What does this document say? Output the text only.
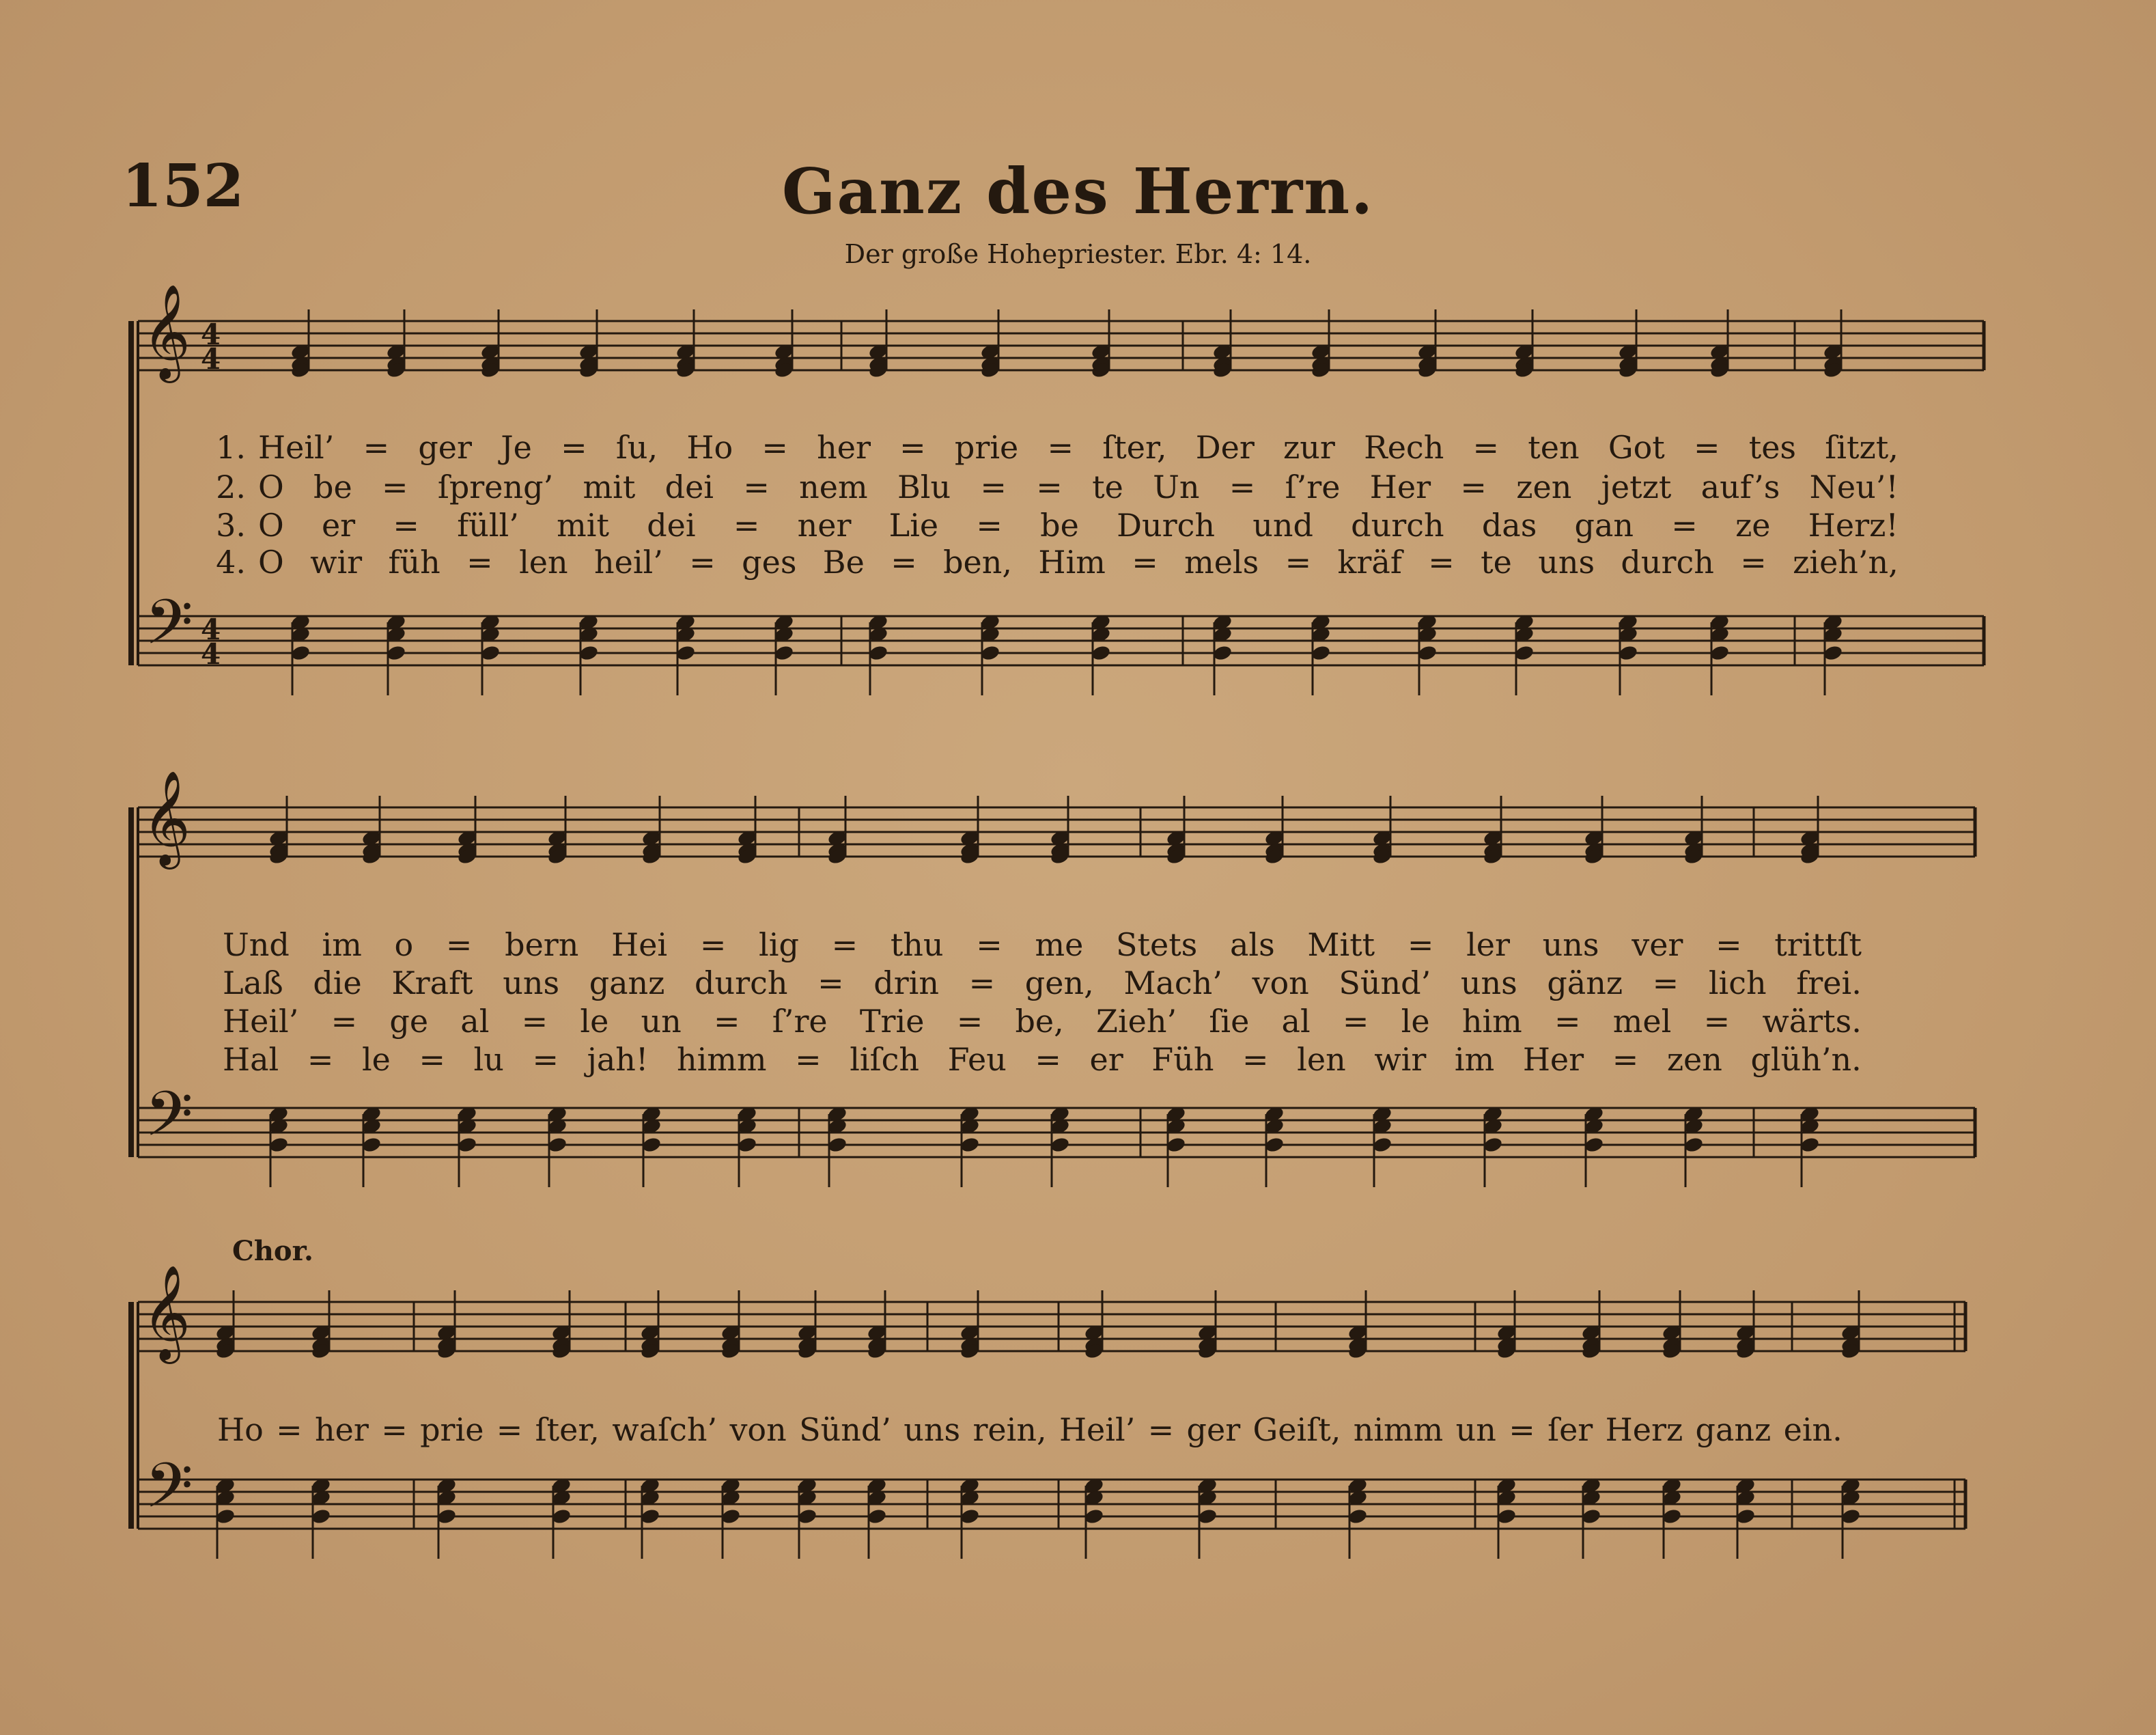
152	Ganz des Herrn.
Der große Hohepriester. Ebr. 4: 14.
Chor.
1. Heil’ = ger Je = ſu, Ho = her = prie = ſter, Der zur Rech = ten Got = tes ſitzt,
2. O be = ſpreng’ mit dei = nem Blu = = te Un = ſ’re Her = zen jetzt auf’s Neu’!
3. O er = füll’ mit dei = ner Lie = be Durch und durch das gan = ze Herz!
4. O wir füh = len heil’ = ges Be = ben, Him = mels = kräf = te uns durch = zieh’n,
Und im o = bern Hei = lig = thu = me Stets als Mitt = ler uns ver = trittſt
Laß die Kraft uns ganz durch = drin = gen, Mach’ von Sünd’ uns gänz = lich frei.
Heil’ = ge al = le un = ſ’re Trie = be, Zieh’ ſie al = le him = mel = wärts.
Hal = le = lu = jah! himm = liſch Feu = er Füh = len wir im Her = zen glüh’n.
Ho = her = prie = ſter, waſch’ von Sünd’ uns rein, Heil’ = ger Geiſt, nimm un = ſer Herz ganz ein.
𝄞
𝄢
4
4
4
4
𝄞
𝄢
𝄞
𝄢
